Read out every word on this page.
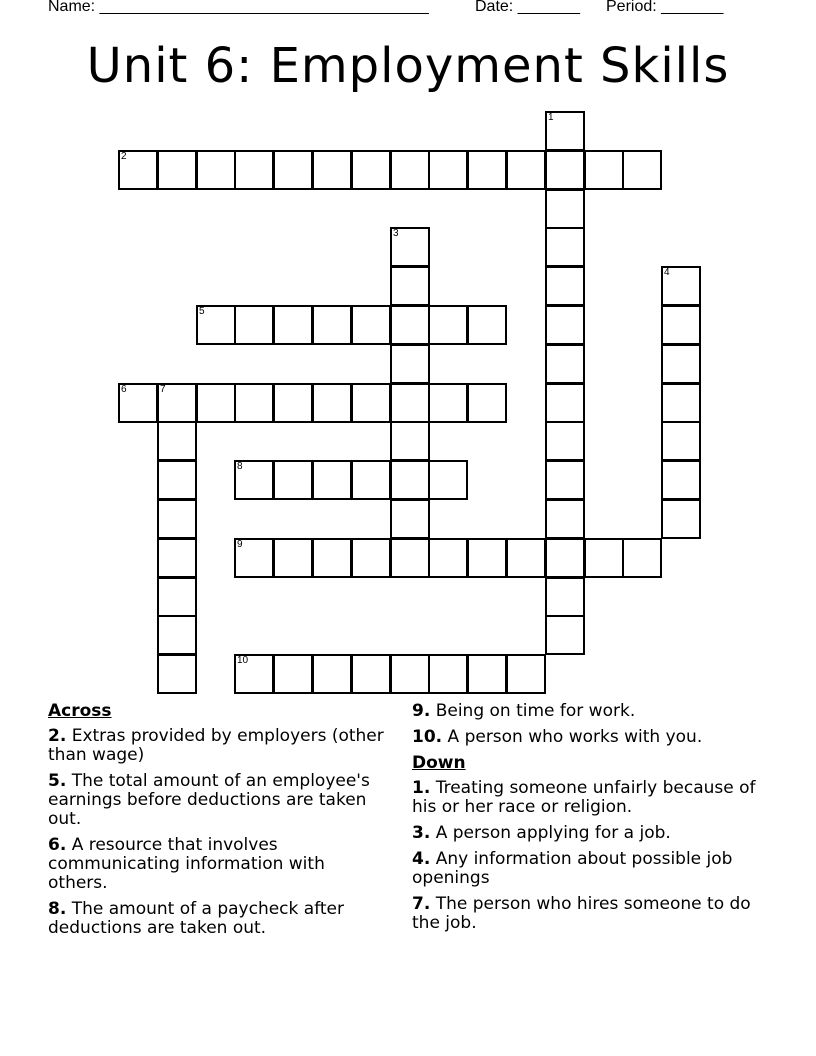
Name: _____________________________________

	Date: _______

Period: _______

Unit 6: Employment Skills
2
5
6	7
8
9
10
1
3
4
Across
2. Extras provided by employers (other than wage)
5. The total amount of an employee's earnings before deductions are taken out.
6. A resource that involves communicating information with others.
8. The amount of a paycheck after deductions are taken out.
9. Being on time for work.
10. A person who works with you.
Down
1. Treating someone unfairly because of his or her race or religion.
3. A person applying for a job.
4. Any information about possible job openings
7. The person who hires someone to do the job.
